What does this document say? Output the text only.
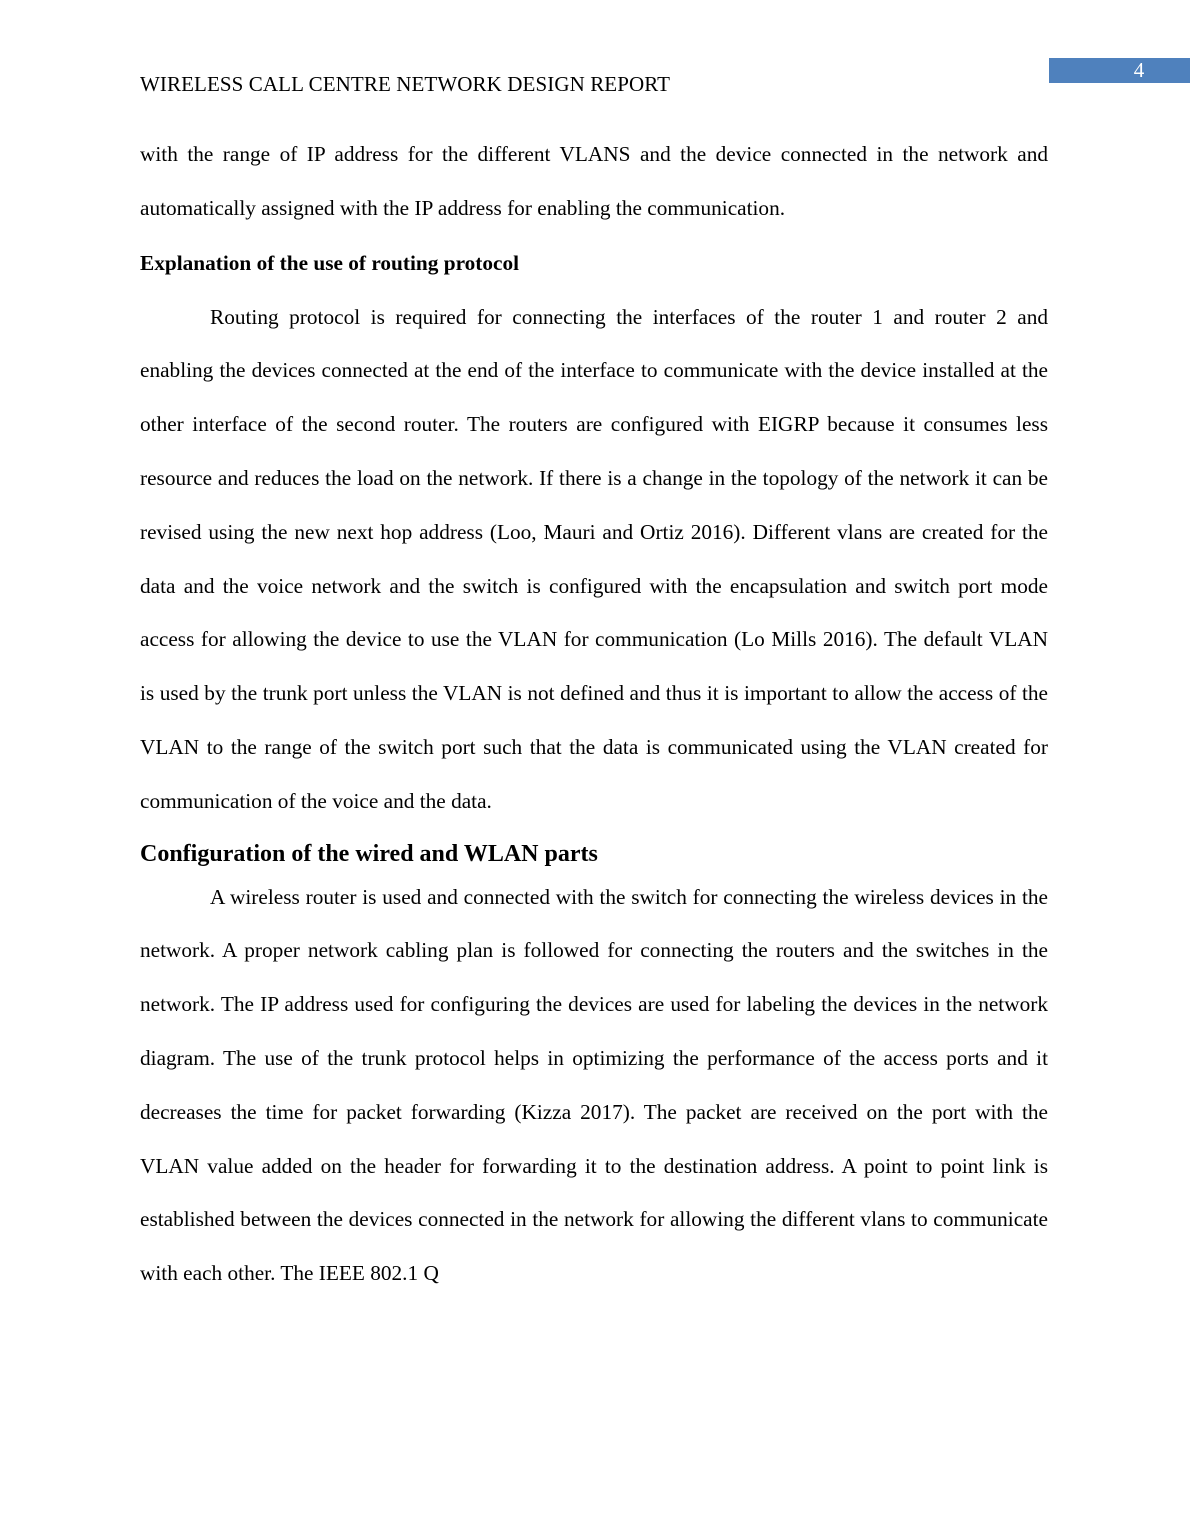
4
WIRELESS CALL CENTRE NETWORK DESIGN REPORT

with the range of IP address for the different VLANS and the device connected in the network and automatically assigned with the IP address for enabling the communication.

Explanation of the use of routing protocol

Routing protocol is required for connecting the interfaces of the router 1 and router 2 and enabling the devices connected at the end of the interface to communicate with the device installed at the other interface of the second router. The routers are configured with EIGRP because it consumes less resource and reduces the load on the network. If there is a change in the topology of the network it can be revised using the new next hop address (Loo, Mauri and Ortiz 2016). Different vlans are created for the data and the voice network and the switch is configured with the encapsulation and switch port mode access for allowing the device to use the VLAN for communication (Lo Mills 2016). The default VLAN is used by the trunk port unless the VLAN is not defined and thus it is important to allow the access of the VLAN to the range of the switch port such that the data is communicated using the VLAN created for communication of the voice and the data.

Configuration of the wired and WLAN parts

A wireless router is used and connected with the switch for connecting the wireless devices in the network. A proper network cabling plan is followed for connecting the routers and the switches in the network. The IP address used for configuring the devices are used for labeling the devices in the network diagram. The use of the trunk protocol helps in optimizing the performance of the access ports and it decreases the time for packet forwarding (Kizza 2017). The packet are received on the port with the VLAN value added on the header for forwarding it to the destination address. A point to point link is established between the devices connected in the network for allowing the different vlans to communicate with each other. The IEEE 802.1 Q
